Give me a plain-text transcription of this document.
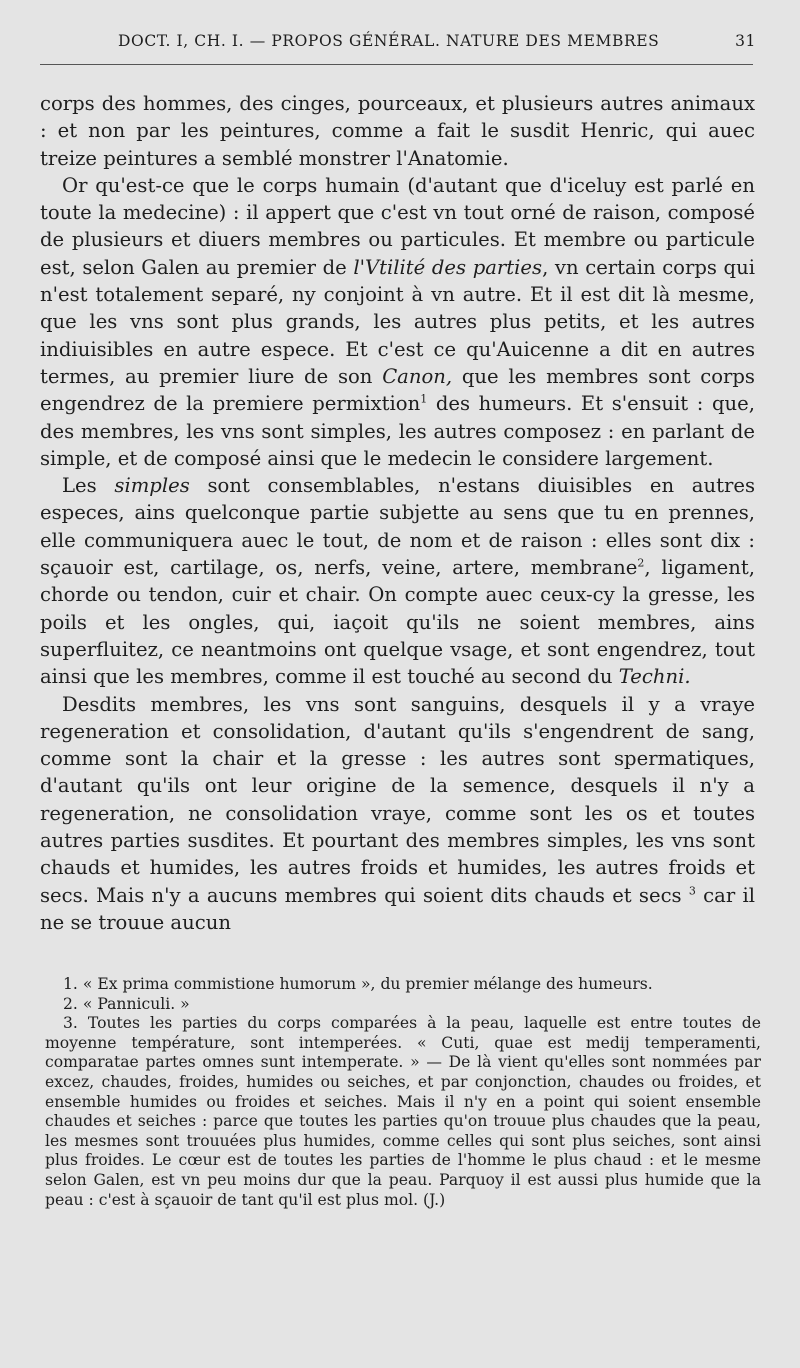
DOCT. I, CH. I. — PROPOS GÉNÉRAL. NATURE DES MEMBRES	31

corps des hommes, des cinges, pourceaux, et plusieurs autres animaux : et non par les peintures, comme a fait le susdit Henric, qui auec treize peintures a semblé monstrer l'Anatomie.

Or qu'est-ce que le corps humain (d'autant que d'iceluy est parlé en toute la medecine) : il appert que c'est vn tout orné de raison, composé de plusieurs et diuers membres ou particules. Et membre ou particule est, selon Galen au premier de l'Vtilité des parties, vn certain corps qui n'est totalement separé, ny conjoint à vn autre. Et il est dit là mesme, que les vns sont plus grands, les autres plus petits, et les autres indiuisibles en autre espece. Et c'est ce qu'Auicenne a dit en autres termes, au premier liure de son Canon, que les membres sont corps engendrez de la premiere permixtion$^1$ des humeurs. Et s'ensuit : que, des membres, les vns sont simples, les autres composez : en parlant de simple, et de composé ainsi que le medecin le considere largement.

Les simples sont consemblables, n'estans diuisibles en autres especes, ains quelconque partie subjette au sens que tu en prennes, elle communiquera auec le tout, de nom et de raison : elles sont dix : sçauoir est, cartilage, os, nerfs, veine, artere, membrane$^2$, ligament, chorde ou tendon, cuir et chair. On compte auec ceux-cy la gresse, les poils et les ongles, qui, iaçoit qu'ils ne soient membres, ains superfluitez, ce neantmoins ont quelque vsage, et sont engendrez, tout ainsi que les membres, comme il est touché au second du Techni.

Desdits membres, les vns sont sanguins, desquels il y a vraye regeneration et consolidation, d'autant qu'ils s'engendrent de sang, comme sont la chair et la gresse : les autres sont spermatiques, d'autant qu'ils ont leur origine de la semence, desquels il n'y a regeneration, ne consolidation vraye, comme sont les os et toutes autres parties susdites. Et pourtant des membres simples, les vns sont chauds et humides, les autres froids et humides, les autres froids et secs. Mais n'y a aucuns membres qui soient dits chauds et secs $^3$ car il ne se trouue aucun

1. « Ex prima commistione humorum », du premier mélange des humeurs.

2. « Panniculi. »

3. Toutes les parties du corps comparées à la peau, laquelle est entre toutes de moyenne température, sont intemperées. « Cuti, quae est medij temperamenti, comparatae partes omnes sunt intemperate. » — De là vient qu'elles sont nommées par excez, chaudes, froides, humides ou seiches, et par conjonction, chaudes ou froides, et ensemble humides ou froides et seiches. Mais il n'y en a point qui soient ensemble chaudes et seiches : parce que toutes les parties qu'on trouue plus chaudes que la peau, les mesmes sont trouuées plus humides, comme celles qui sont plus seiches, sont ainsi plus froides. Le cœur est de toutes les parties de l'homme le plus chaud : et le mesme selon Galen, est vn peu moins dur que la peau. Parquoy il est aussi plus humide que la peau : c'est à sçauoir de tant qu'il est plus mol. (J.)
